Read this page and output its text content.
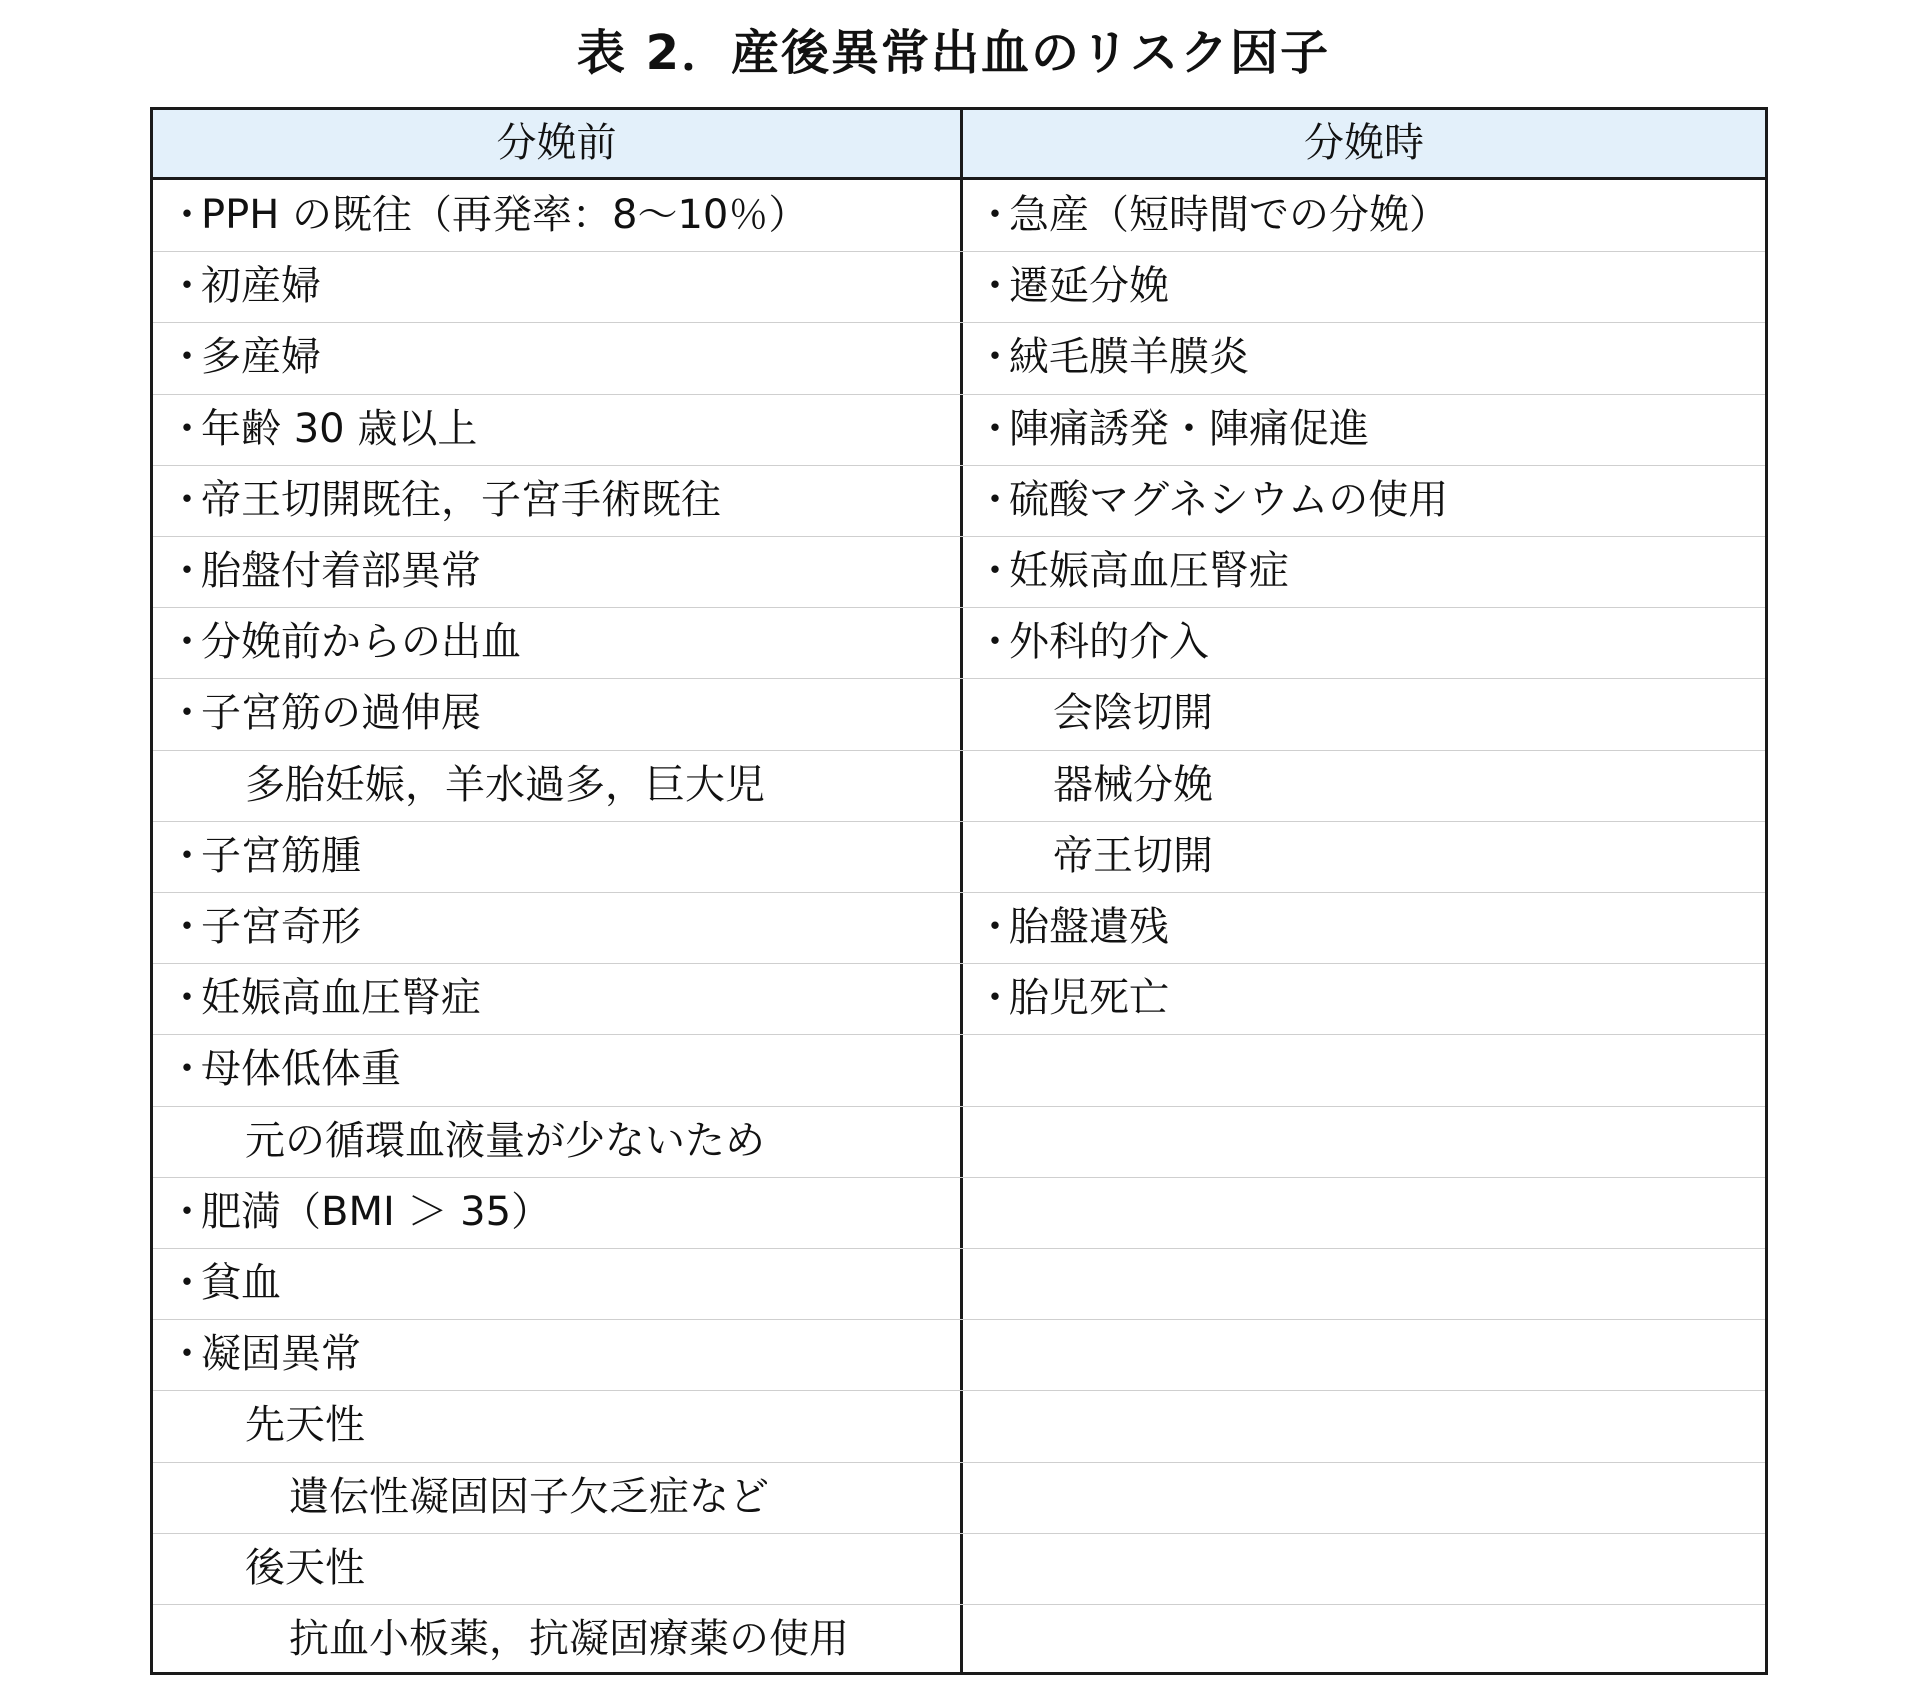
表 2．産後異常出血のリスク因子
分娩前	分娩時
・PPH の既往（再発率：8〜10％）
・初産婦
・多産婦
・年齢 30 歳以上
・帝王切開既往，子宮手術既往
・胎盤付着部異常
・分娩前からの出血
・子宮筋の過伸展
多胎妊娠，羊水過多，巨大児
・子宮筋腫
・子宮奇形
・妊娠高血圧腎症
・母体低体重
元の循環血液量が少ないため
・肥満（BMI ＞ 35）
・貧血
・凝固異常
先天性
遺伝性凝固因子欠乏症など
後天性
抗血小板薬，抗凝固療薬の使用
・急産（短時間での分娩）
・遷延分娩
・絨毛膜羊膜炎
・陣痛誘発・陣痛促進
・硫酸マグネシウムの使用
・妊娠高血圧腎症
・外科的介入
会陰切開
器械分娩
帝王切開
・胎盤遺残
・胎児死亡
